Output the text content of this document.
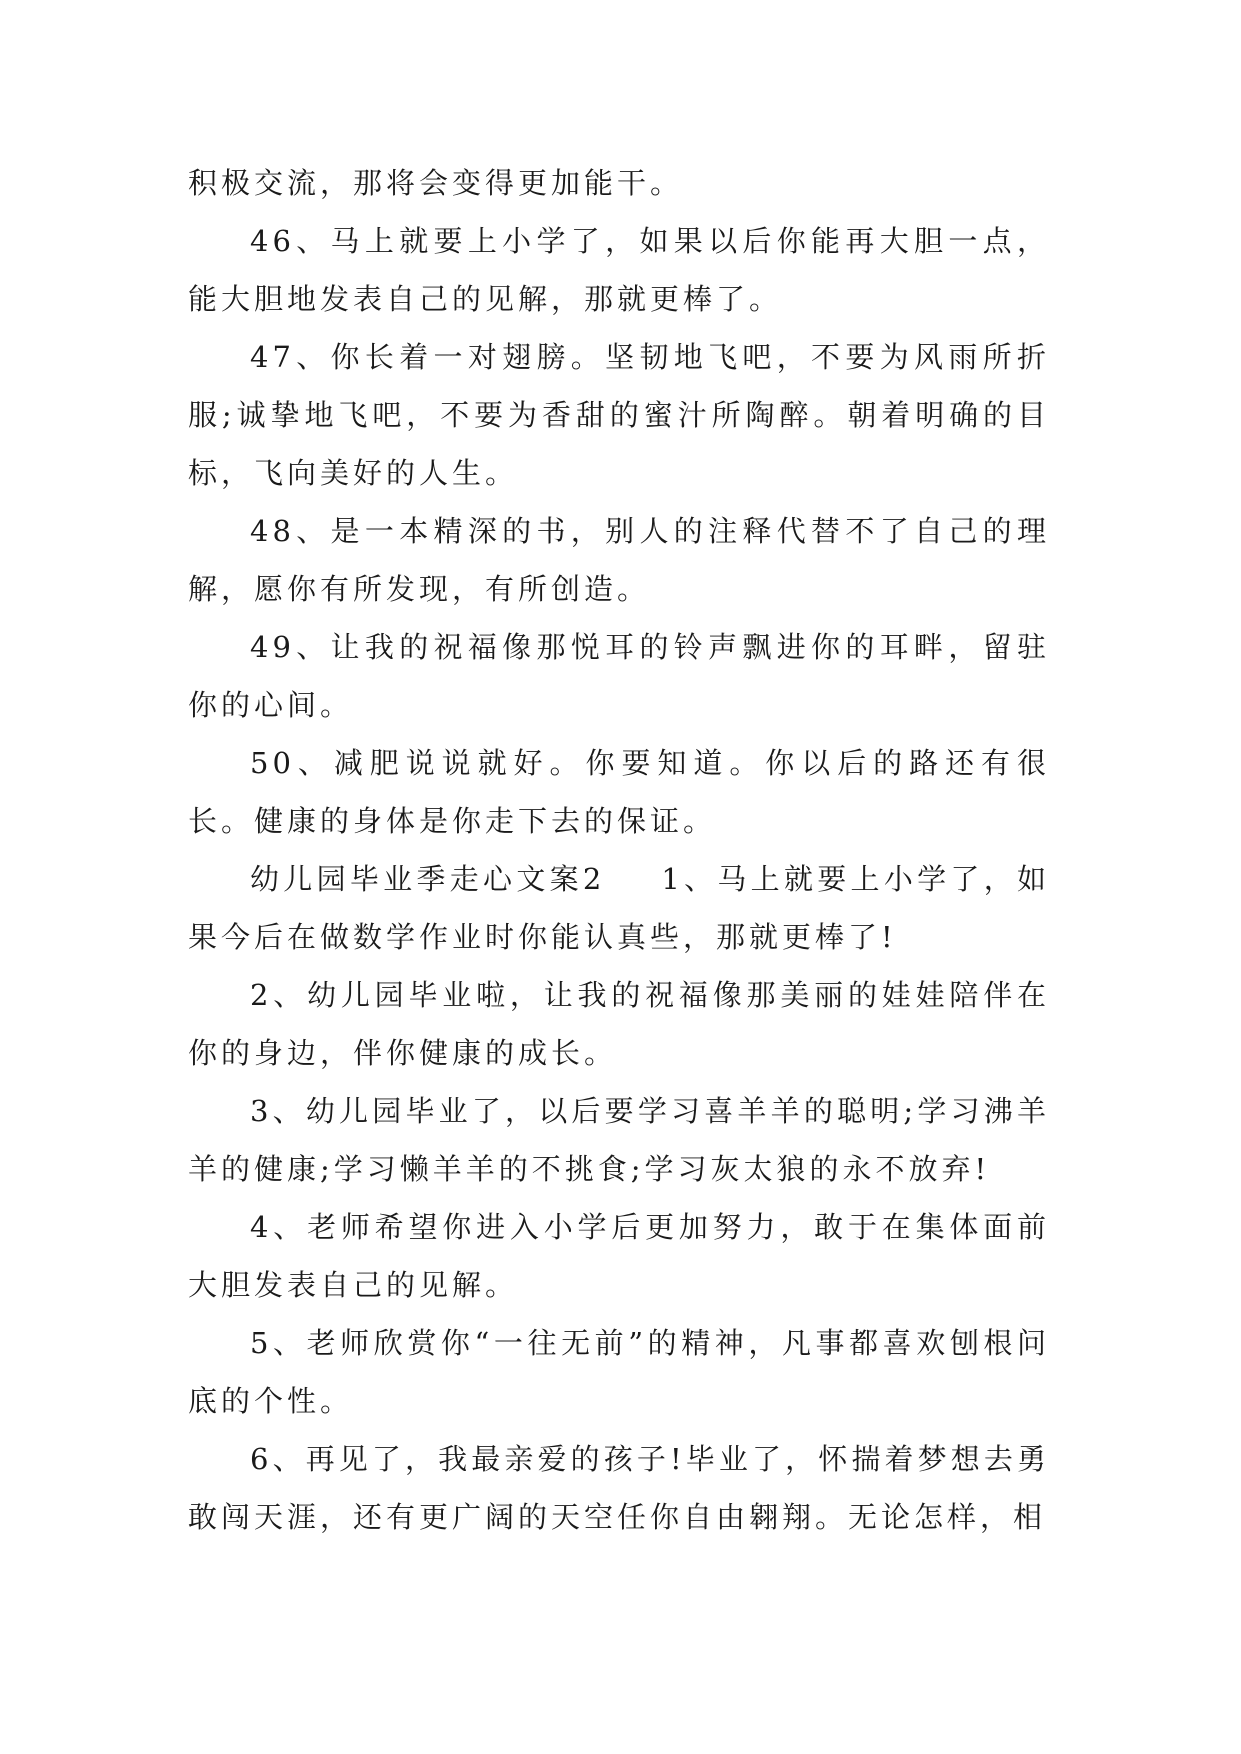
积极交流，那将会变得更加能干。

46、马上就要上小学了，如果以后你能再大胆一点，能大胆地发表自己的见解，那就更棒了。

47、你长着一对翅膀。坚韧地飞吧，不要为风雨所折服;诚挚地飞吧，不要为香甜的蜜汁所陶醉。朝着明确的目标，飞向美好的人生。

48、是一本精深的书，别人的注释代替不了自己的理解，愿你有所发现，有所创造。

49、让我的祝福像那悦耳的铃声飘进你的耳畔，留驻你的心间。

50、减肥说说就好。你要知道。你以后的路还有很长。健康的身体是你走下去的保证。

幼儿园毕业季走心文案2 1、马上就要上小学了，如果今后在做数学作业时你能认真些，那就更棒了!

2、幼儿园毕业啦，让我的祝福像那美丽的娃娃陪伴在你的身边，伴你健康的成长。

3、幼儿园毕业了，以后要学习喜羊羊的聪明;学习沸羊羊的健康;学习懒羊羊的不挑食;学习灰太狼的永不放弃!

4、老师希望你进入小学后更加努力，敢于在集体面前大胆发表自己的见解。

5、老师欣赏你“一往无前”的精神，凡事都喜欢刨根问底的个性。

6、再见了，我最亲爱的孩子!毕业了，怀揣着梦想去勇敢闯天涯，还有更广阔的天空任你自由翱翔。无论怎样，相
